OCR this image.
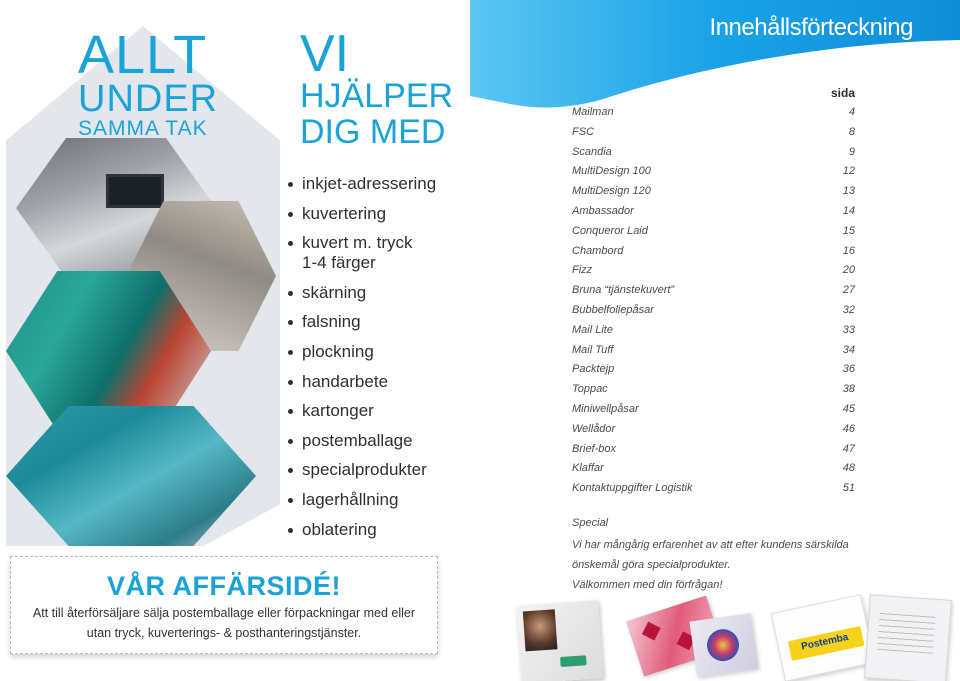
ALLT
UNDER
SAMMA TAK
VI
HJÄLPER
DIG MED
inkjet-adressering
kuvertering
kuvert m. tryck
1-4 färger
skärning
falsning
plockning
handarbete
kartonger
postemballage
specialprodukter
lagerhållning
oblatering
VÅR AFFÄRSIDÉ!
Att till återförsäljare sälja postemballage eller förpackningar med eller
utan tryck, kuverterings- & posthanteringstjänster.
Innehållsförteckning
sida
Mailman	4
FSC	8
Scandia	9
MultiDesign 100	12
MultiDesign 120	13
Ambassador	14
Conqueror Laid	15
Chambord	16
Fizz	20
Bruna “tjänstekuvert”	27
Bubbelfoliepåsar	32
Mail Lite	33
Mail Tuff	34
Packtejp	36
Toppac	38
Miniwellpåsar	45
Wellådor	46
Brief-box	47
Klaffar	48
Kontaktuppgifter Logistik	51
Special
Vi har mångårig erfarenhet av att efter kundens särskilda
önskemål göra specialprodukter.
Välkommen med din förfrågan!
Postemba
